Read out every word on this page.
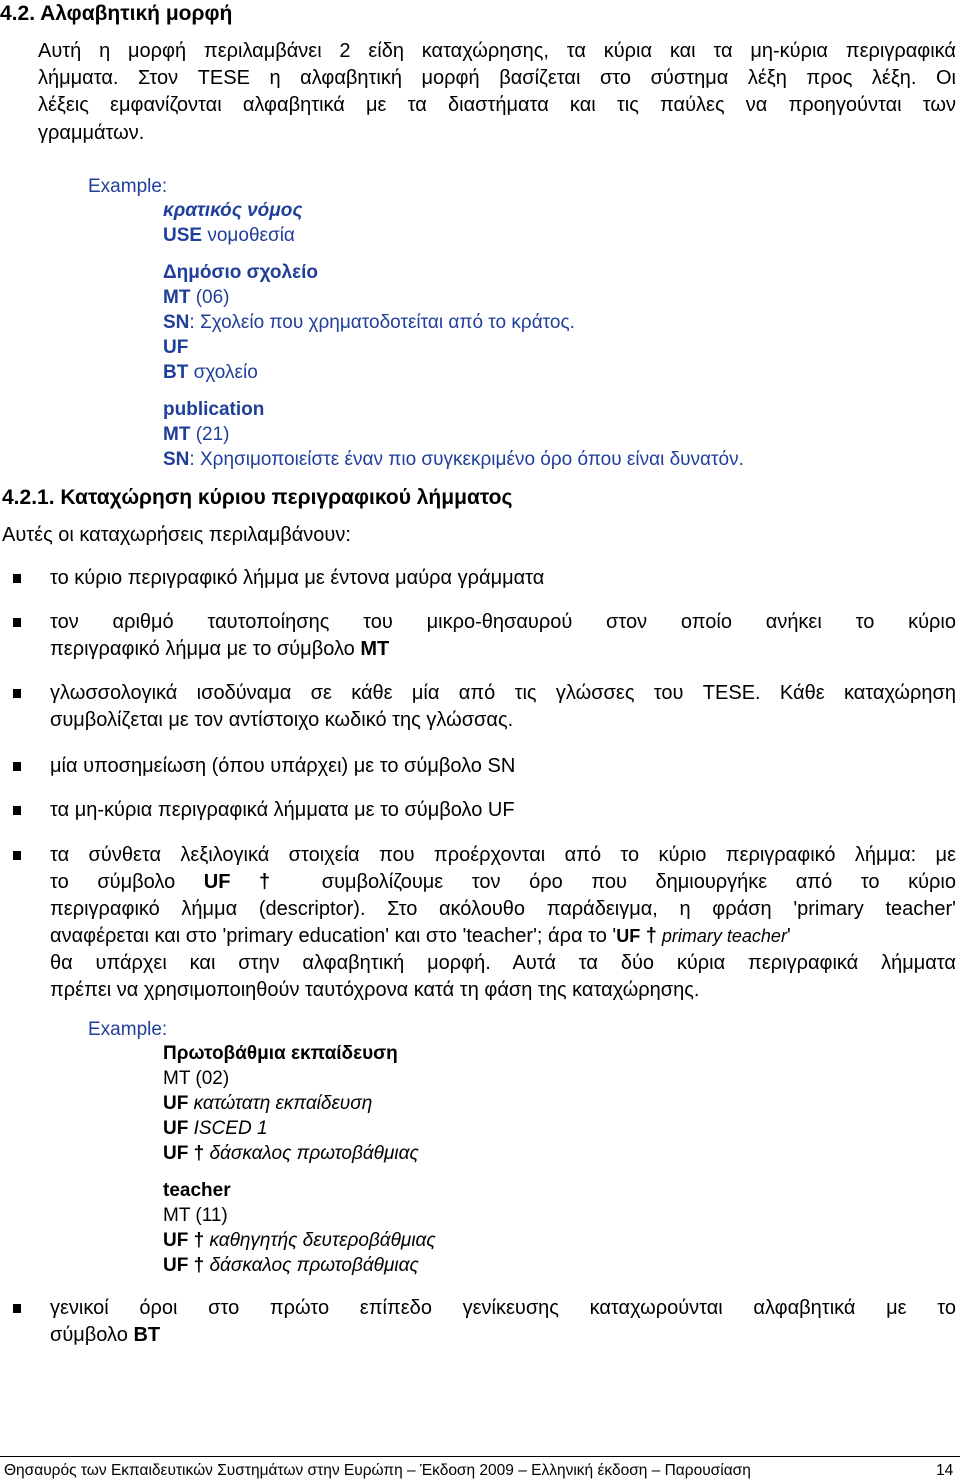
4.2. Αλφαβητική μορφή
Αυτή η μορφή περιλαμβάνει 2 είδη καταχώρησης, τα κύρια και τα μη-κύρια περιγραφικά
λήμματα. Στον TESE η αλφαβητική μορφή βασίζεται στο σύστημα λέξη προς λέξη. Οι
λέξεις εμφανίζονται αλφαβητικά με τα διαστήματα και τις παύλες να προηγούνται των
γραμμάτων.
Example:
κρατικός νόμος
USE νομοθεσία
Δημόσιο σχολείο
MT (06)
SN: Σχολείο που χρηματοδοτείται από το κράτος.
UF
BT σχολείο
publication
MT (21)
SN: Χρησιμοποιείστε έναν πιο συγκεκριμένο όρο όπου είναι δυνατόν.
4.2.1. Καταχώρηση κύριου περιγραφικού λήμματος
Αυτές οι καταχωρήσεις περιλαμβάνουν:
το κύριο περιγραφικό λήμμα με έντονα μαύρα γράμματα
τον αριθμό ταυτοποίησης του μικρο-θησαυρού στον οποίο ανήκει το κύριο
περιγραφικό λήμμα με το σύμβολο MT
γλωσσολογικά ισοδύναμα σε κάθε μία από τις γλώσσες του TESE. Κάθε καταχώρηση
συμβολίζεται με τον αντίστοιχο κωδικό της γλώσσας.
μία υποσημείωση (όπου υπάρχει) με το σύμβολο SN
τα μη-κύρια περιγραφικά λήμματα με το σύμβολο UF
τα σύνθετα λεξιλογικά στοιχεία που προέρχονται από το κύριο περιγραφικό λήμμα: με
το σύμβολο UF † συμβολίζουμε τον όρο που δημιουργήκε από το κύριο
περιγραφικό λήμμα (descriptor). Στο ακόλουθο παράδειγμα, η φράση 'primary teacher'
αναφέρεται και στο 'primary education' και στο 'teacher'; άρα το 'UF † primary teacher'
θα υπάρχει και στην αλφαβητική μορφή. Αυτά τα δύο κύρια περιγραφικά λήμματα
πρέπει να χρησιμοποιηθούν ταυτόχρονα κατά τη φάση της καταχώρησης.
Example:
Πρωτοβάθμια εκπαίδευση
MT (02)
UF κατώτατη εκπαίδευση
UF ISCED 1
UF † δάσκαλος πρωτοβάθμιας
teacher
MT (11)
UF † καθηγητής δευτεροβάθμιας
UF † δάσκαλος πρωτοβάθμιας
γενικοί όροι στο πρώτο επίπεδο γενίκευσης καταχωρούνται αλφαβητικά με το
σύμβολο BT
Θησαυρός των Εκπαιδευτικών Συστημάτων στην Ευρώπη – Έκδοση 2009 – Ελληνική έκδοση – Παρουσίαση	14
